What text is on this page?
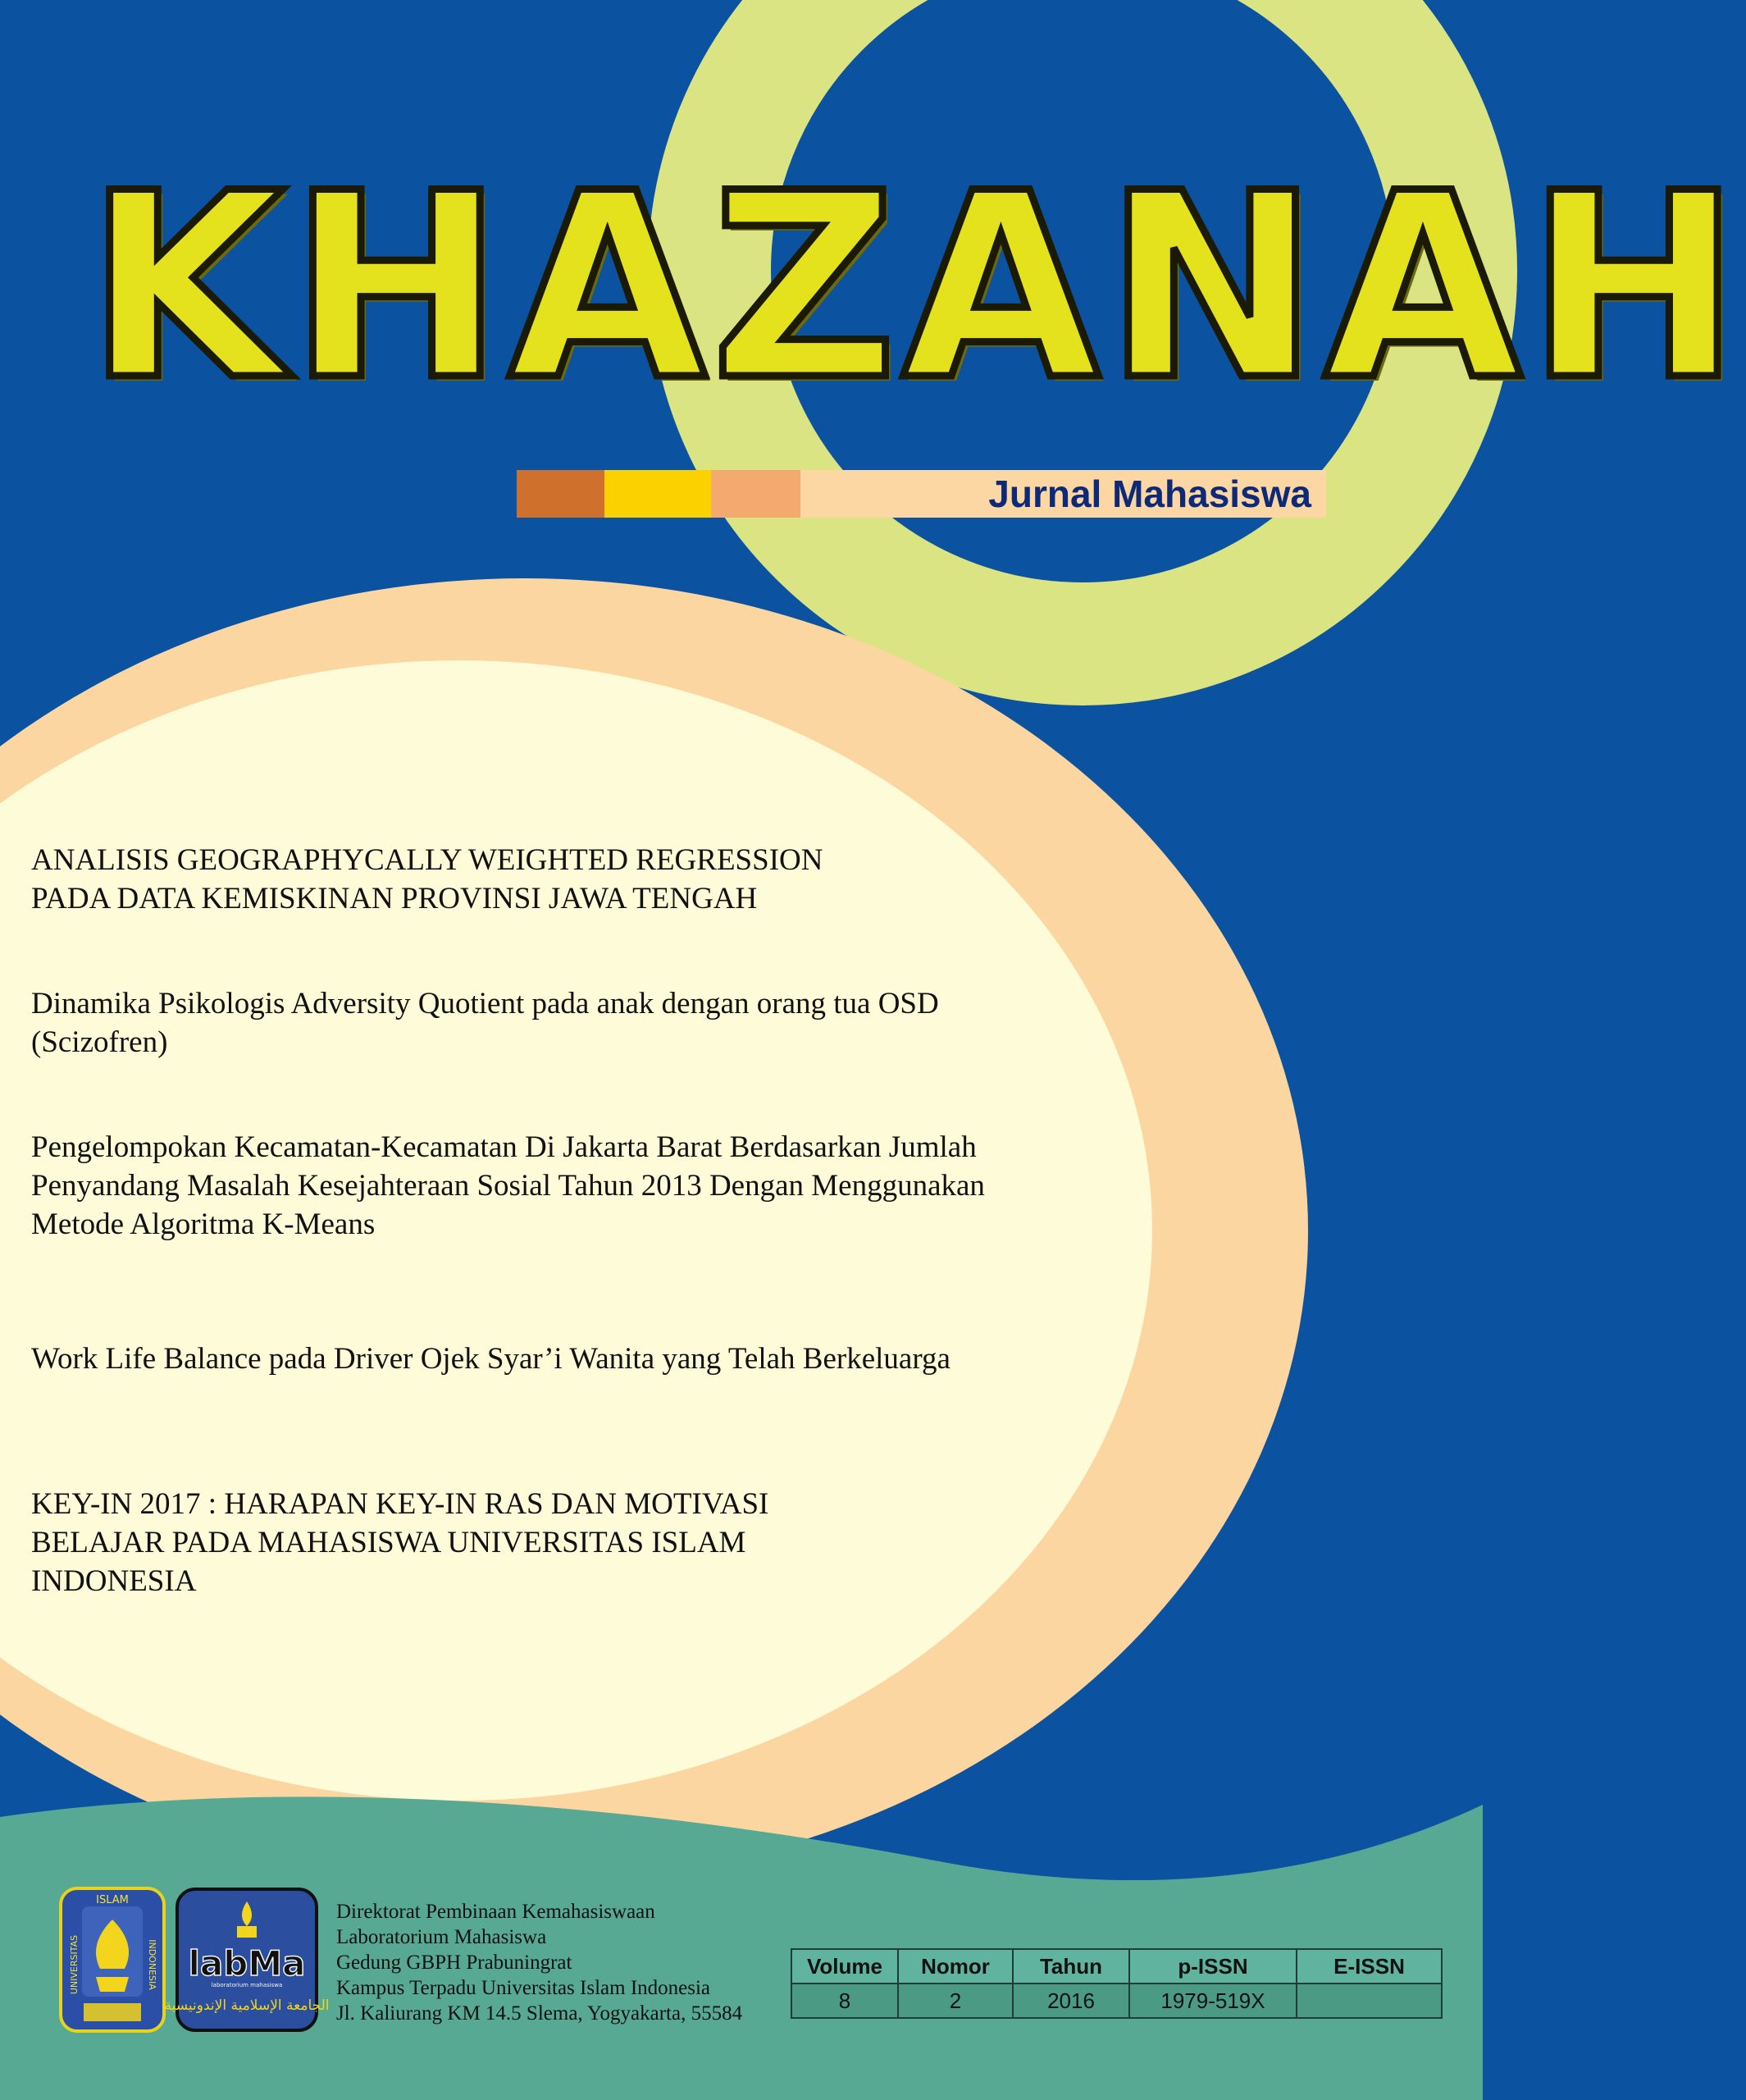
KHAZANAH

Jurnal Mahasiswa

ANALISIS GEOGRAPHYCALLY WEIGHTED REGRESSION
PADA DATA KEMISKINAN PROVINSI JAWA TENGAH
Dinamika Psikologis Adversity Quotient pada anak dengan orang tua OSD
(Scizofren)
Pengelompokan Kecamatan-Kecamatan Di Jakarta Barat Berdasarkan Jumlah
Penyandang Masalah Kesejahteraan Sosial Tahun 2013 Dengan Menggunakan
Metode Algoritma K-Means
Work Life Balance pada Driver Ojek Syar’i Wanita yang Telah Berkeluarga
KEY-IN 2017 : HARAPAN KEY-IN RAS DAN MOTIVASI
BELAJAR PADA MAHASISWA UNIVERSITAS ISLAM
INDONESIA
ISLAM
UNIVERSITAS	INDONESIA
labMa
laboratorium mahasiswa
الجامعة الإسلامية الإندونيسية
Direktorat Pembinaan Kemahasiswaan
Laboratorium Mahasiswa
Gedung GBPH Prabuningrat
Kampus Terpadu Universitas Islam Indonesia
Jl. Kaliurang KM 14.5 Slema, Yogyakarta, 55584
Volume	Nomor	Tahun	p-ISSN	E-ISSN
8	2	2016	1979-519X	
